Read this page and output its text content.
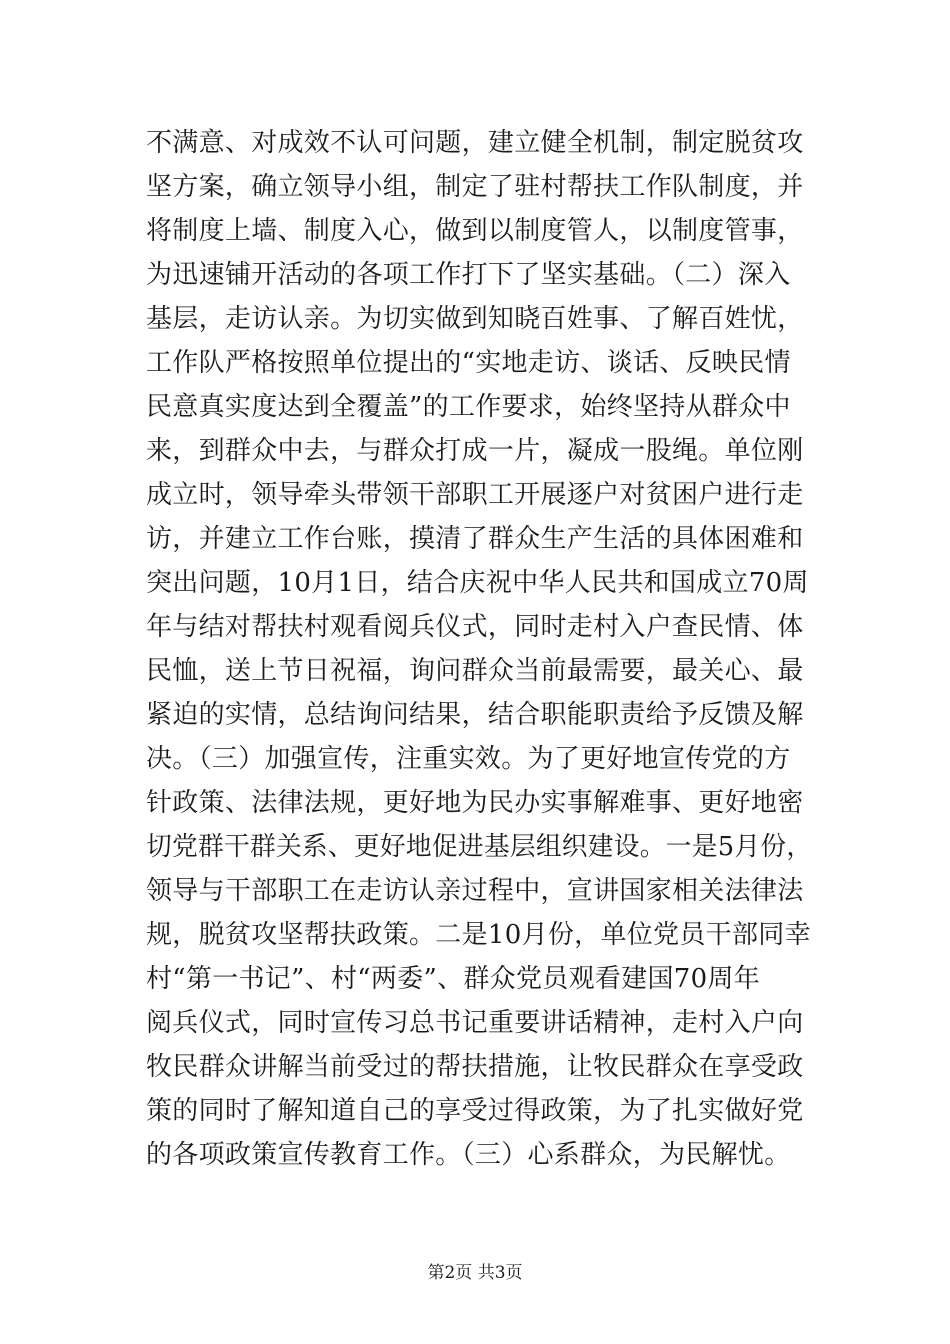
不满意、对成效不认可问题，建立健全机制，制定脱贫攻
坚方案，确立领导小组，制定了驻村帮扶工作队制度，并
将制度上墙、制度入心，做到以制度管人，以制度管事，
为迅速铺开活动的各项工作打下了坚实基础。（二）深入
基层，走访认亲。为切实做到知晓百姓事、了解百姓忧，
工作队严格按照单位提出的“实地走访、谈话、反映民情
民意真实度达到全覆盖”的工作要求，始终坚持从群众中
来，到群众中去，与群众打成一片，凝成一股绳。单位刚
成立时，领导牵头带领干部职工开展逐户对贫困户进行走
访，并建立工作台账，摸清了群众生产生活的具体困难和
突出问题，10月1日，结合庆祝中华人民共和国成立70周
年与结对帮扶村观看阅兵仪式，同时走村入户查民情、体
民恤，送上节日祝福，询问群众当前最需要，最关心、最
紧迫的实情，总结询问结果，结合职能职责给予反馈及解
决。（三）加强宣传，注重实效。为了更好地宣传党的方
针政策、法律法规，更好地为民办实事解难事、更好地密
切党群干群关系、更好地促进基层组织建设。一是5月份，
领导与干部职工在走访认亲过程中，宣讲国家相关法律法
规，脱贫攻坚帮扶政策。二是10月份，单位党员干部同幸
村“第一书记”、村“两委”、群众党员观看建国70周年
阅兵仪式，同时宣传习总书记重要讲话精神，走村入户向
牧民群众讲解当前受过的帮扶措施，让牧民群众在享受政
策的同时了解知道自己的享受过得政策，为了扎实做好党
的各项政策宣传教育工作。（三）心系群众，为民解忧。
第2页 共3页
